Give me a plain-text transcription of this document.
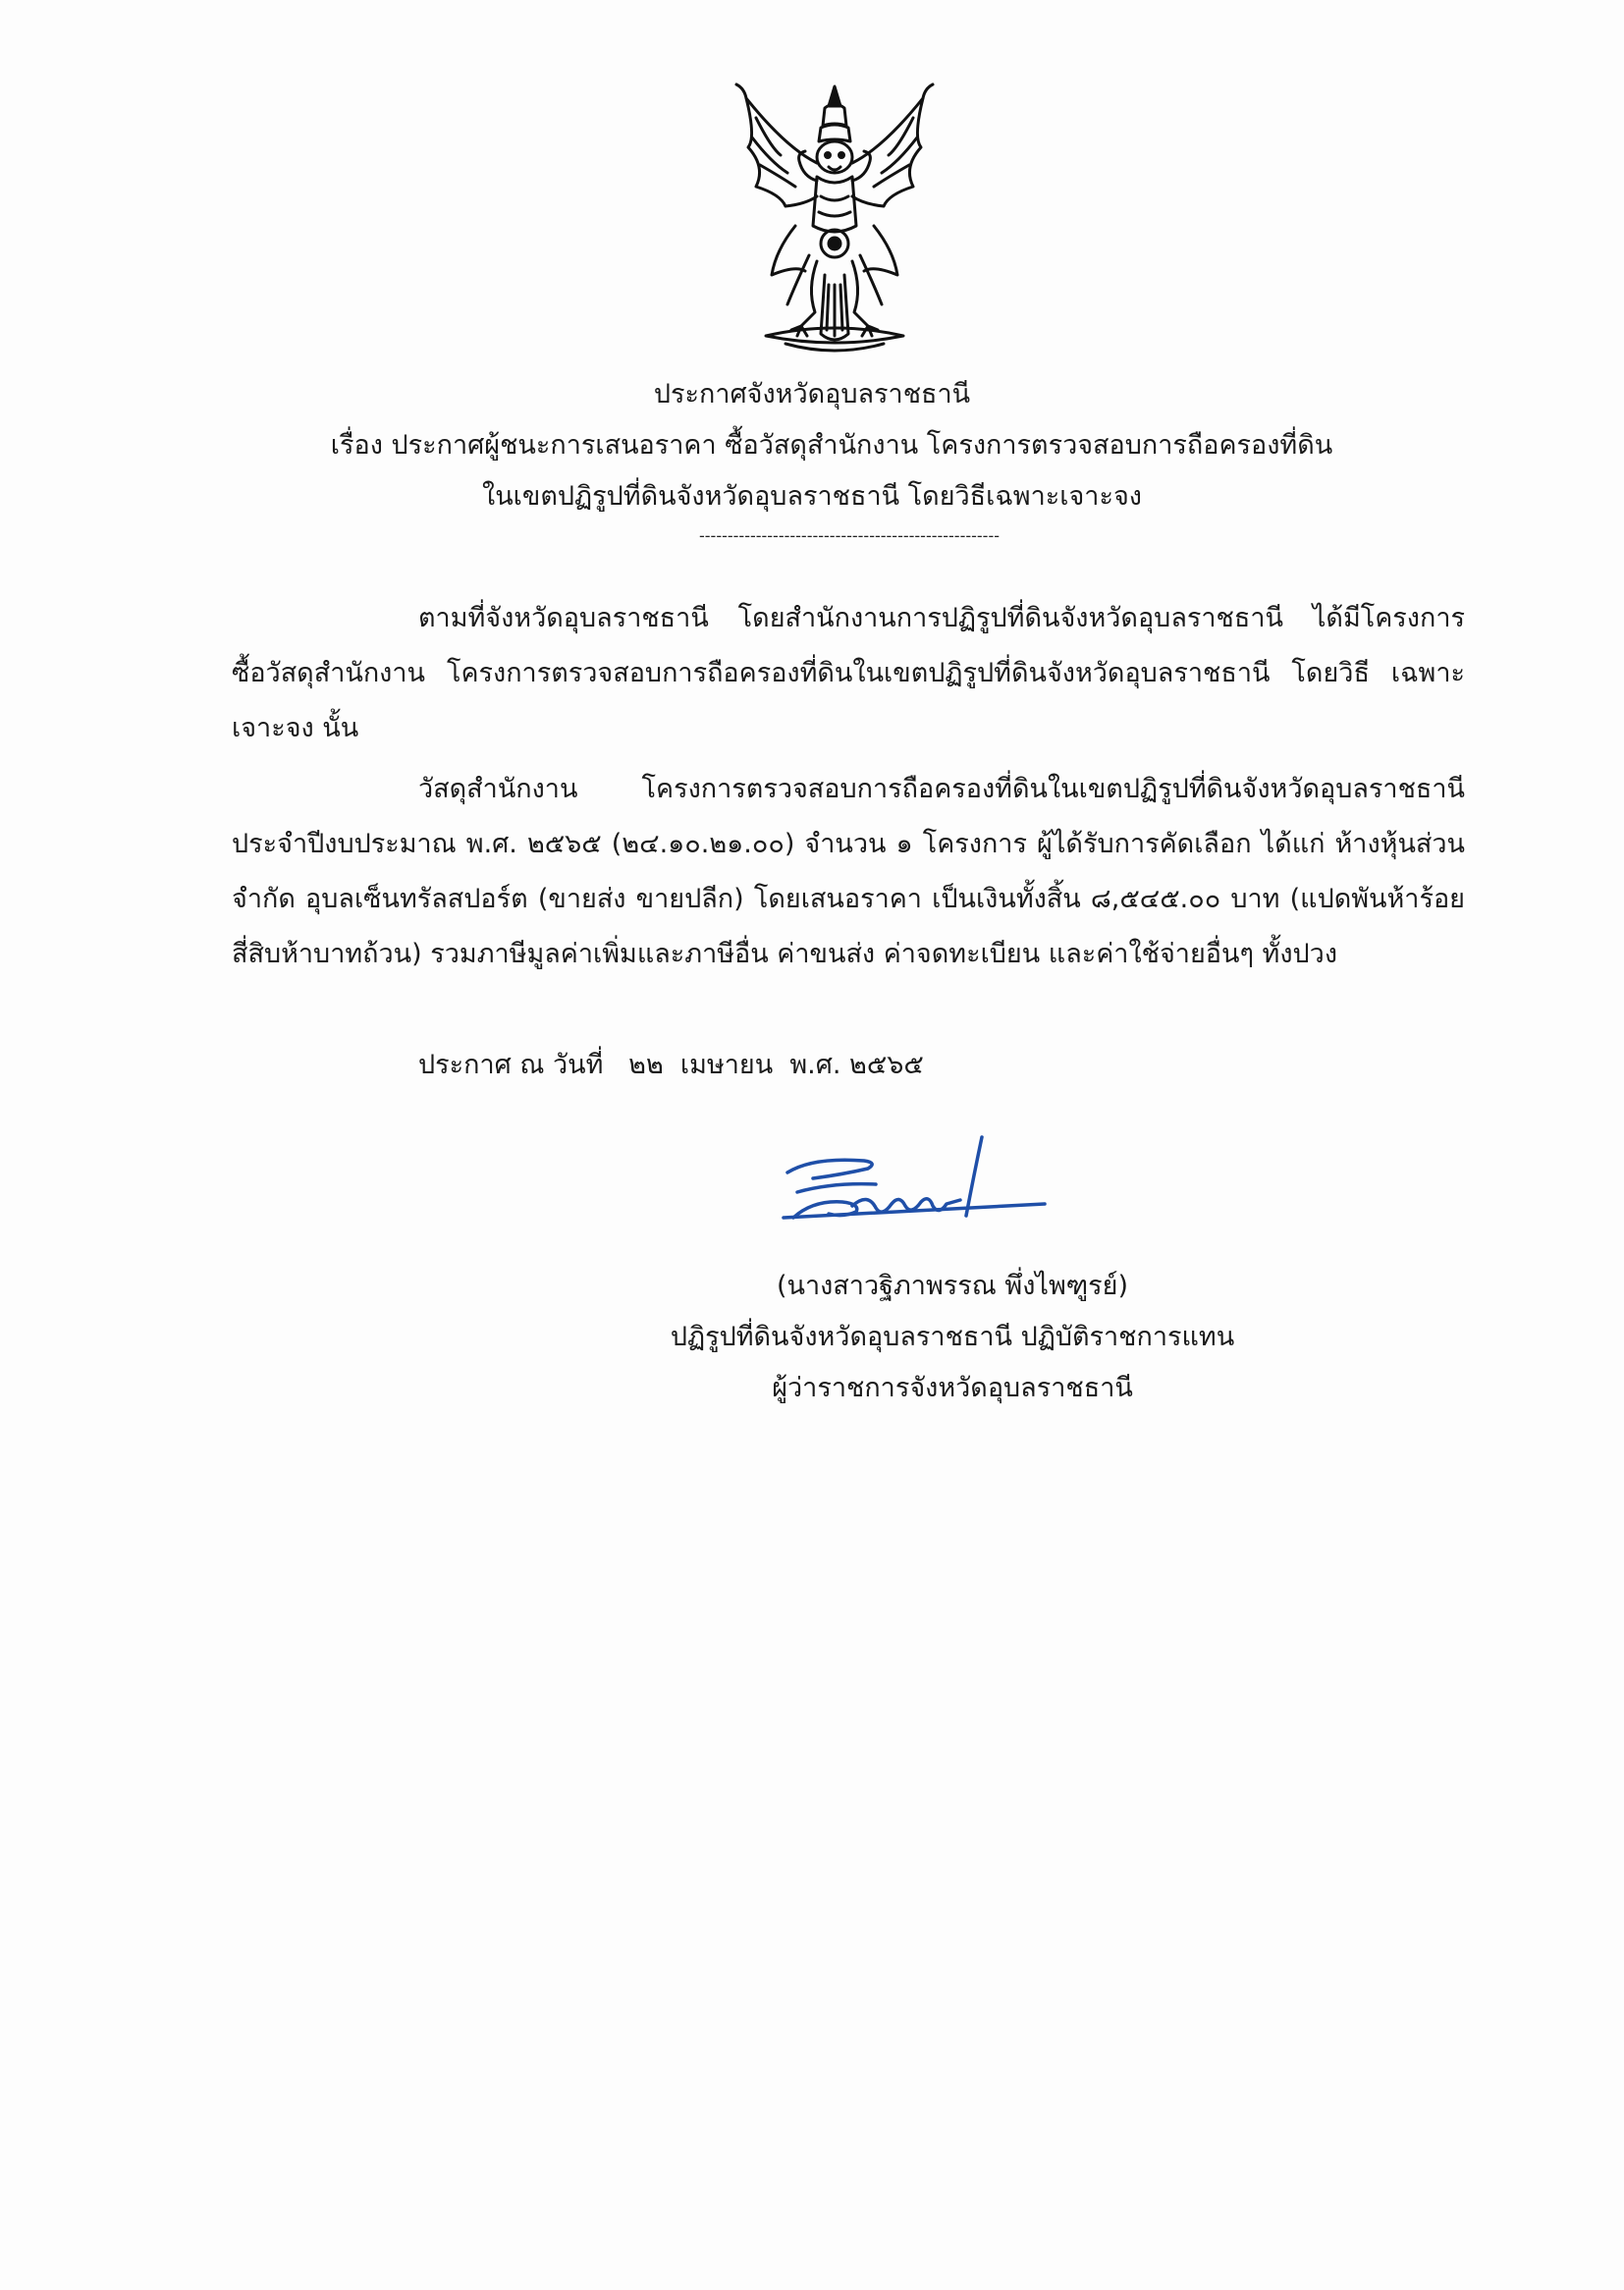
ประกาศจังหวัดอุบลราชธานี
เรื่อง ประกาศผู้ชนะการเสนอราคา ซื้อวัสดุสำนักงาน โครงการตรวจสอบการถือครองที่ดิน
ในเขตปฏิรูปที่ดินจังหวัดอุบลราชธานี โดยวิธีเฉพาะเจาะจง
-----------------------------------------------------
ตามที่จังหวัดอุบลราชธานี โดยสำนักงานการปฏิรูปที่ดินจังหวัดอุบลราชธานี ได้มีโครงการ ซื้อวัสดุสำนักงาน โครงการตรวจสอบการถือครองที่ดินในเขตปฏิรูปที่ดินจังหวัดอุบลราชธานี โดยวิธี เฉพาะเจาะจง นั้น
วัสดุสำนักงาน โครงการตรวจสอบการถือครองที่ดินในเขตปฏิรูปที่ดินจังหวัดอุบลราชธานี ประจำปีงบประมาณ พ.ศ. ๒๕๖๕ (๒๔.๑๐.๒๑.๐๐) จำนวน ๑ โครงการ ผู้ได้รับการคัดเลือก ได้แก่ ห้างหุ้นส่วนจำกัด อุบลเซ็นทรัลสปอร์ต (ขายส่ง ขายปลีก) โดยเสนอราคา เป็นเงินทั้งสิ้น ๘,๕๔๕.๐๐ บาท (แปดพันห้าร้อยสี่สิบห้าบาทถ้วน) รวมภาษีมูลค่าเพิ่มและภาษีอื่น ค่าขนส่ง ค่าจดทะเบียน และค่าใช้จ่ายอื่นๆ ทั้งปวง
ประกาศ ณ วันที่   ๒๒  เมษายน  พ.ศ. ๒๕๖๕
(นางสาวฐิภาพรรณ พึ่งไพฑูรย์)
ปฏิรูปที่ดินจังหวัดอุบลราชธานี ปฏิบัติราชการแทน
ผู้ว่าราชการจังหวัดอุบลราชธานี
